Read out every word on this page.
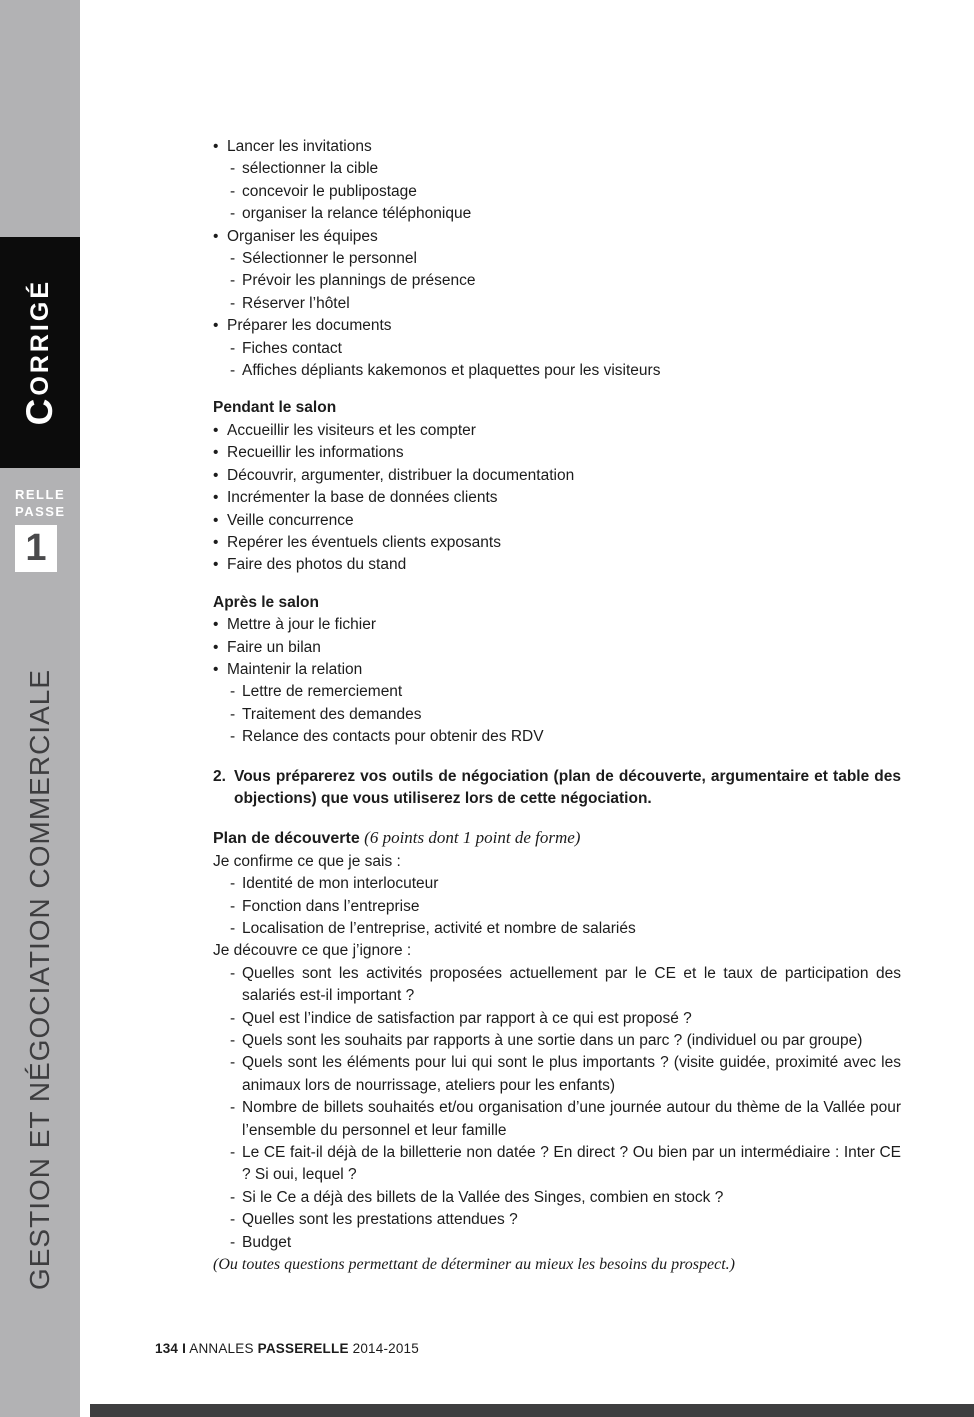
CORRIGÉ
RELLE
PASSE
1
GESTION ET NÉGOCIATION COMMERCIALE
• Lancer les invitations
- sélectionner la cible
- concevoir le publipostage
- organiser la relance téléphonique
• Organiser les équipes
- Sélectionner le personnel
- Prévoir les plannings de présence
- Réserver l’hôtel
• Préparer les documents
- Fiches contact
- Affiches dépliants kakemonos et plaquettes pour les visiteurs
Pendant le salon
• Accueillir les visiteurs et les compter
• Recueillir les informations
• Découvrir, argumenter, distribuer la documentation
• Incrémenter la base de données clients
• Veille concurrence
• Repérer les éventuels clients exposants
• Faire des photos du stand
Après le salon
• Mettre à jour le fichier
• Faire un bilan
• Maintenir la relation
- Lettre de remerciement
- Traitement des demandes
- Relance des contacts pour obtenir des RDV
2. Vous préparerez vos outils de négociation (plan de découverte, argumentaire et table des objections) que vous utiliserez lors de cette négociation.
Plan de découverte (6 points dont 1 point de forme)
Je confirme ce que je sais :
- Identité de mon interlocuteur
- Fonction dans l’entreprise
- Localisation de l’entreprise, activité et nombre de salariés
Je découvre ce que j’ignore :
- Quelles sont les activités proposées actuellement par le CE et le taux de participation des salariés est-il important ?
- Quel est l’indice de satisfaction par rapport à ce qui est proposé ?
- Quels sont les souhaits par rapports à une sortie dans un parc ? (individuel ou par groupe)
- Quels sont les éléments pour lui qui sont le plus importants ? (visite guidée, proximité avec les animaux lors de nourrissage, ateliers pour les enfants)
- Nombre de billets souhaités et/ou organisation d’une journée autour du thème de la Vallée pour l’ensemble du personnel et leur famille
- Le CE fait-il déjà de la billetterie non datée ? En direct ? Ou bien par un intermédiaire : Inter CE ? Si oui, lequel ?
- Si le Ce a déjà des billets de la Vallée des Singes, combien en stock ?
- Quelles sont les prestations attendues ?
- Budget
(Ou toutes questions permettant de déterminer au mieux les besoins du prospect.)
134 I ANNALES PASSERELLE 2014-2015
